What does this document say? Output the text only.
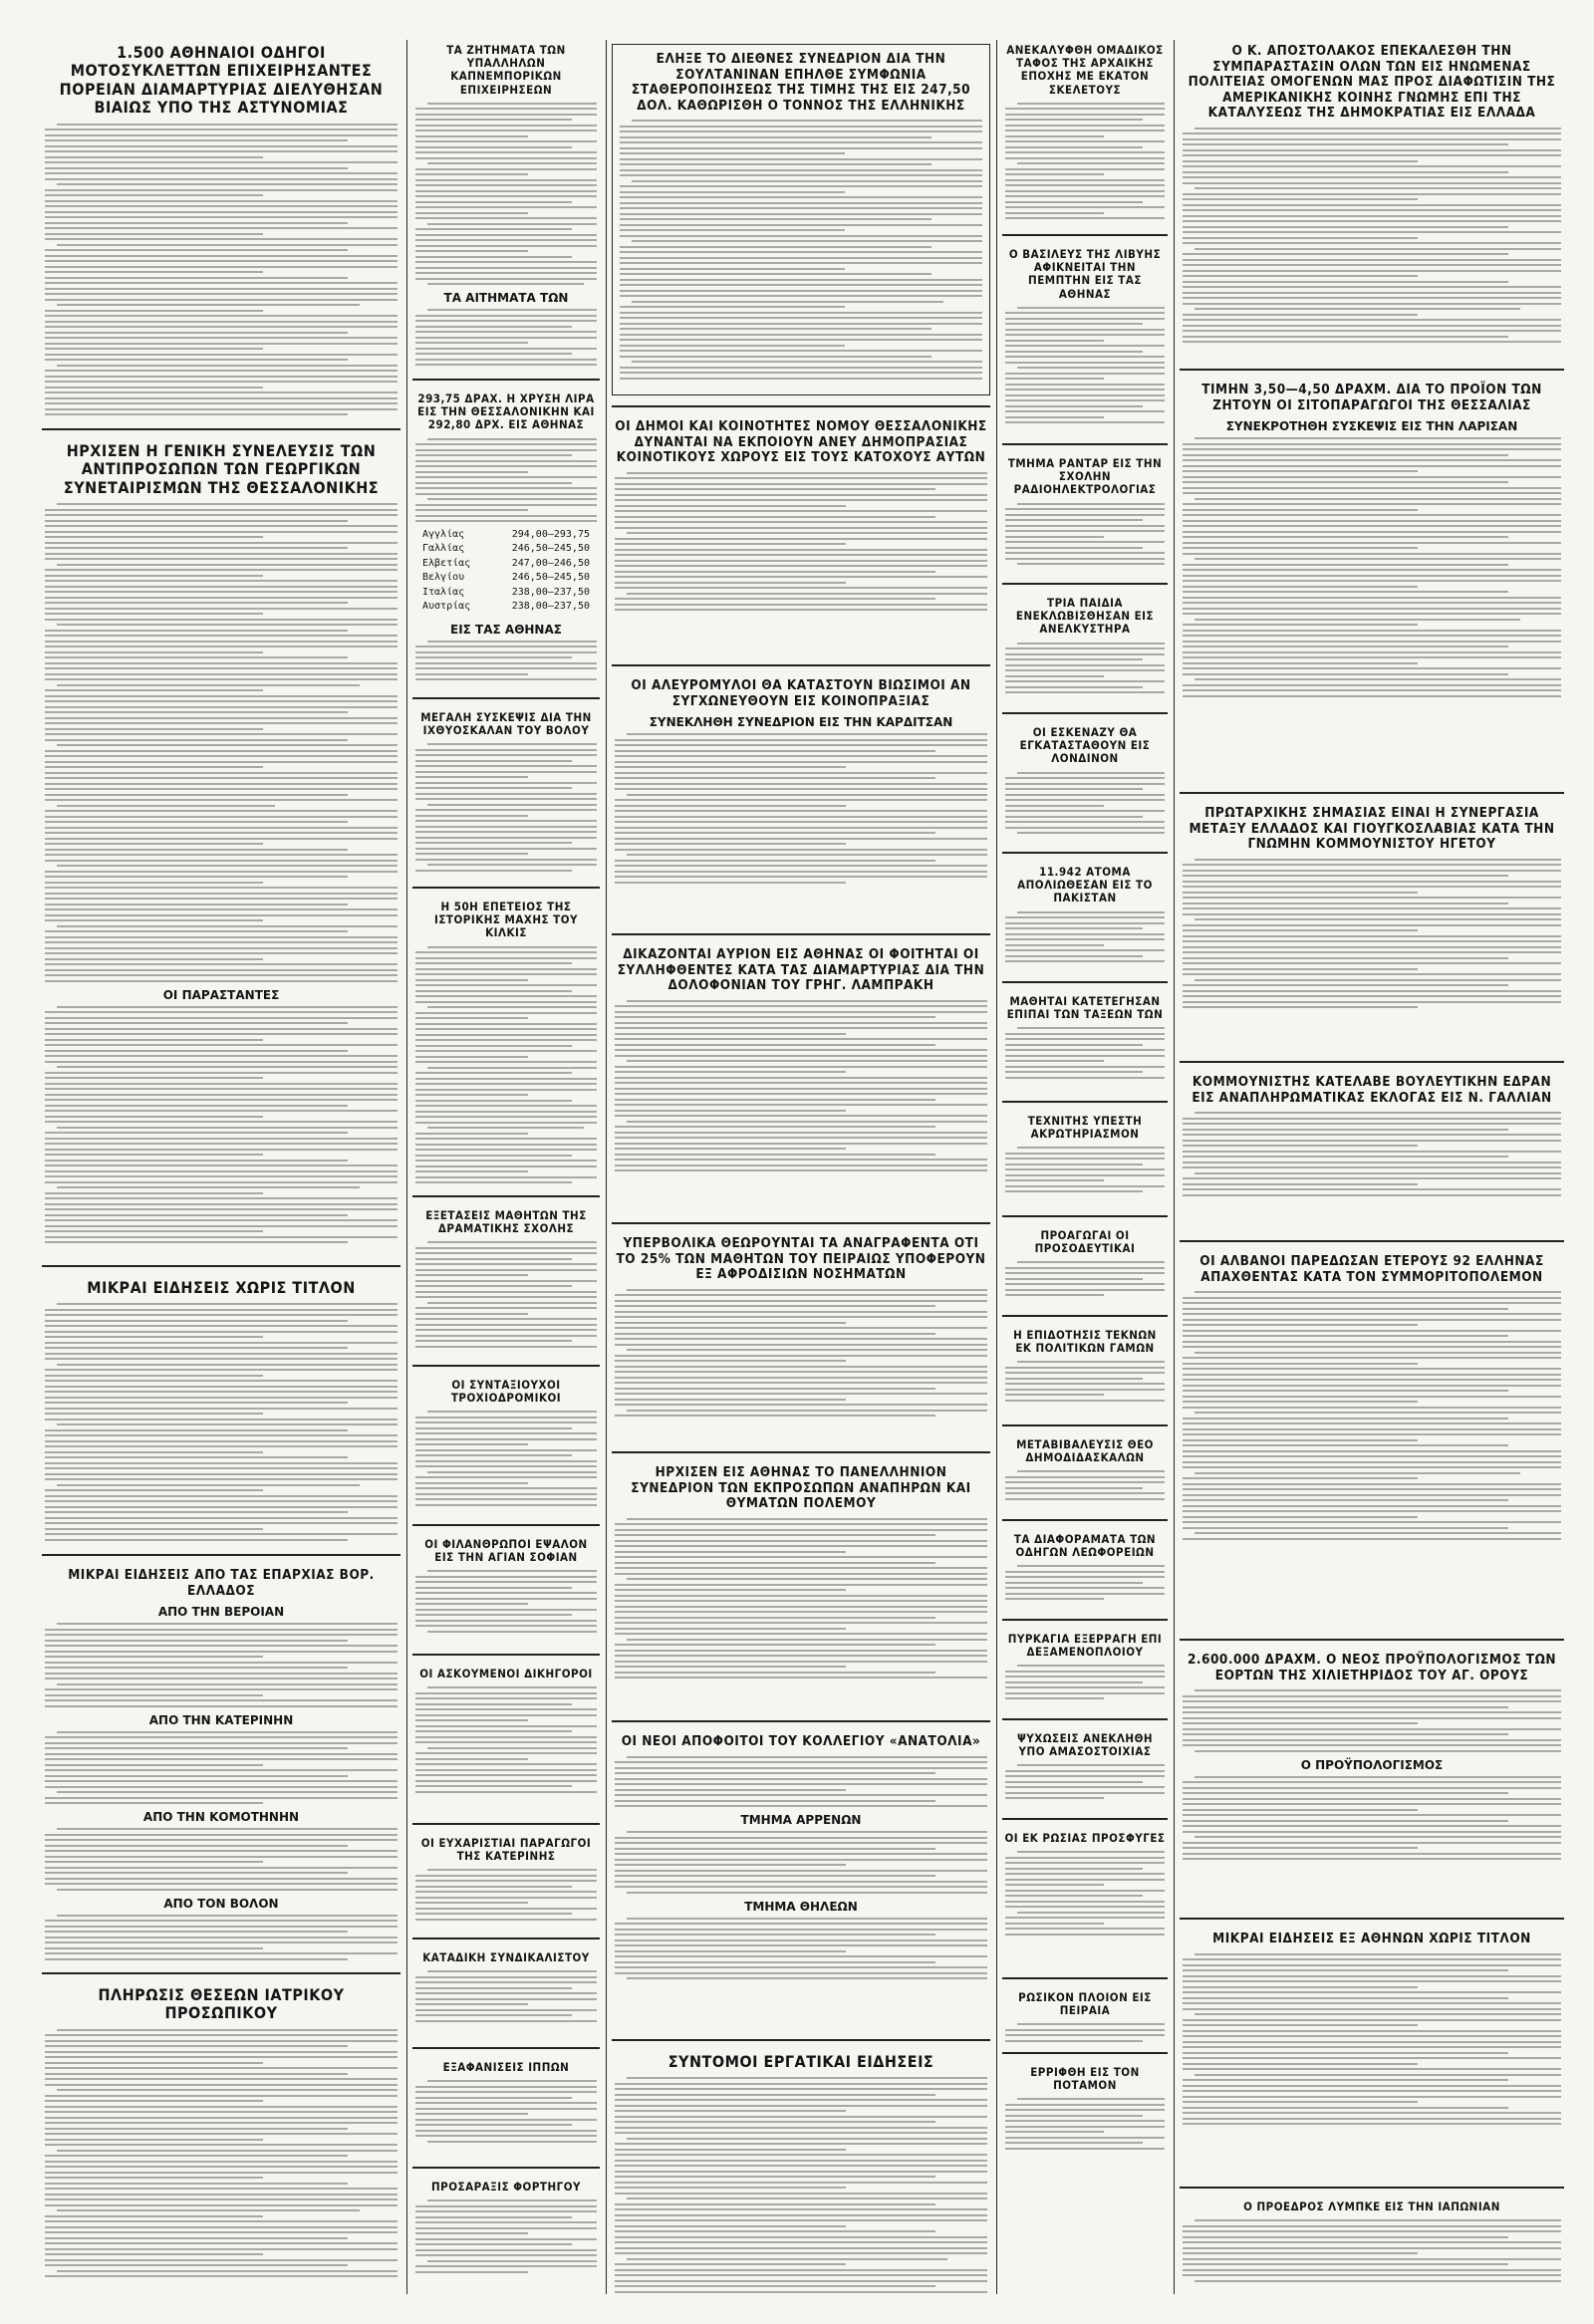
1.500 ΑΘΗΝΑΙΟΙ ΟΔΗΓΟΙ ΜΟΤΟΣΥΚΛΕΤΤΩΝ ΕΠΙΧΕΙΡΗΣΑΝΤΕΣ ΠΟΡΕΙΑΝ ΔΙΑΜΑΡΤΥΡΙΑΣ ΔΙΕΛΥΘΗΣΑΝ ΒΙΑΙΩΣ ΥΠΟ ΤΗΣ ΑΣΤΥΝΟΜΙΑΣ
ΗΡΧΙΣΕΝ Η ΓΕΝΙΚΗ ΣΥΝΕΛΕΥΣΙΣ ΤΩΝ ΑΝΤΙΠΡΟΣΩΠΩΝ ΤΩΝ ΓΕΩΡΓΙΚΩΝ ΣΥΝΕΤΑΙΡΙΣΜΩΝ ΤΗΣ ΘΕΣΣΑΛΟΝΙΚΗΣ
ΟΙ ΠΑΡΑΣΤΑΝΤΕΣ
ΜΙΚΡΑΙ ΕΙΔΗΣΕΙΣ ΧΩΡΙΣ ΤΙΤΛΟΝ
ΜΙΚΡΑΙ ΕΙΔΗΣΕΙΣ ΑΠΟ ΤΑΣ ΕΠΑΡΧΙΑΣ ΒΟΡ. ΕΛΛΑΔΟΣ
ΑΠΟ ΤΗΝ ΒΕΡΟΙΑΝ
ΑΠΟ ΤΗΝ ΚΑΤΕΡΙΝΗΝ
ΑΠΟ ΤΗΝ ΚΟΜΟΤΗΝΗΝ
ΑΠΟ ΤΟΝ ΒΟΛΟΝ
ΠΛΗΡΩΣΙΣ ΘΕΣΕΩΝ ΙΑΤΡΙΚΟΥ ΠΡΟΣΩΠΙΚΟΥ
ΤΑ ΖΗΤΗΜΑΤΑ ΤΩΝ ΥΠΑΛΛΗΛΩΝ ΚΑΠΝΕΜΠΟΡΙΚΩΝ ΕΠΙΧΕΙΡΗΣΕΩΝ
ΤΑ ΑΙΤΗΜΑΤΑ ΤΩΝ
293,75 ΔΡΑΧ. Η ΧΡΥΣΗ ΛΙΡΑ ΕΙΣ ΤΗΝ ΘΕΣΣΑΛΟΝΙΚΗΝ ΚΑΙ 292,80 ΔΡΧ. ΕΙΣ ΑΘΗΝΑΣ
Αγγλίας	294,00—293,75
Γαλλίας	246,50—245,50
Ελβετίας	247,00—246,50
Βελγίου	246,50—245,50
Ιταλίας	238,00—237,50
Αυστρίας	238,00—237,50
ΕΙΣ ΤΑΣ ΑΘΗΝΑΣ
ΜΕΓΑΛΗ ΣΥΣΚΕΨΙΣ ΔΙΑ ΤΗΝ ΙΧΘΥΟΣΚΑΛΑΝ ΤΟΥ ΒΟΛΟΥ
Η 50Η ΕΠΕΤΕΙΟΣ ΤΗΣ ΙΣΤΟΡΙΚΗΣ ΜΑΧΗΣ ΤΟΥ ΚΙΛΚΙΣ
ΕΞΕΤΑΣΕΙΣ ΜΑΘΗΤΩΝ ΤΗΣ ΔΡΑΜΑΤΙΚΗΣ ΣΧΟΛΗΣ
ΟΙ ΣΥΝΤΑΞΙΟΥΧΟΙ ΤΡΟΧΙΟΔΡΟΜΙΚΟΙ
ΟΙ ΦΙΛΑΝΘΡΩΠΟΙ ΕΨΑΛΟΝ ΕΙΣ ΤΗΝ ΑΓΙΑΝ ΣΟΦΙΑΝ
ΟΙ ΑΣΚΟΥΜΕΝΟΙ ΔΙΚΗΓΟΡΟΙ
ΟΙ ΕΥΧΑΡΙΣΤΙΑΙ ΠΑΡΑΓΩΓΟΙ ΤΗΣ ΚΑΤΕΡΙΝΗΣ
ΚΑΤΑΔΙΚΗ ΣΥΝΔΙΚΑΛΙΣΤΟΥ
ΕΞΑΦΑΝΙΣΕΙΣ ΙΠΠΩΝ
ΠΡΟΣΑΡΑΞΙΣ ΦΟΡΤΗΓΟΥ
ΕΛΗΞΕ ΤΟ ΔΙΕΘΝΕΣ ΣΥΝΕΔΡΙΟΝ ΔΙΑ ΤΗΝ ΣΟΥΛΤΑΝΙΝΑΝ ΕΠΗΛΘΕ ΣΥΜΦΩΝΙΑ ΣΤΑΘΕΡΟΠΟΙΗΣΕΩΣ ΤΗΣ ΤΙΜΗΣ ΤΗΣ ΕΙΣ 247,50 ΔΟΛ. ΚΑΘΩΡΙΣΘΗ Ο ΤΟΝΝΟΣ ΤΗΣ ΕΛΛΗΝΙΚΗΣ
ΟΙ ΔΗΜΟΙ ΚΑΙ ΚΟΙΝΟΤΗΤΕΣ ΝΟΜΟΥ ΘΕΣΣΑΛΟΝΙΚΗΣ ΔΥΝΑΝΤΑΙ ΝΑ ΕΚΠΟΙΟΥΝ ΑΝΕΥ ΔΗΜΟΠΡΑΣΙΑΣ ΚΟΙΝΟΤΙΚΟΥΣ ΧΩΡΟΥΣ ΕΙΣ ΤΟΥΣ ΚΑΤΟΧΟΥΣ ΑΥΤΩΝ
ΟΙ ΑΛΕΥΡΟΜΥΛΟΙ ΘΑ ΚΑΤΑΣΤΟΥΝ ΒΙΩΣΙΜΟΙ ΑΝ ΣΥΓΧΩΝΕΥΘΟΥΝ ΕΙΣ ΚΟΙΝΟΠΡΑΞΙΑΣ
ΣΥΝΕΚΛΗΘΗ ΣΥΝΕΔΡΙΟΝ ΕΙΣ ΤΗΝ ΚΑΡΔΙΤΣΑΝ
ΔΙΚΑΖΟΝΤΑΙ ΑΥΡΙΟΝ ΕΙΣ ΑΘΗΝΑΣ ΟΙ ΦΟΙΤΗΤΑΙ ΟΙ ΣΥΛΛΗΦΘΕΝΤΕΣ ΚΑΤΑ ΤΑΣ ΔΙΑΜΑΡΤΥΡΙΑΣ ΔΙΑ ΤΗΝ ΔΟΛΟΦΟΝΙΑΝ ΤΟΥ ΓΡΗΓ. ΛΑΜΠΡΑΚΗ
ΥΠΕΡΒΟΛΙΚΑ ΘΕΩΡΟΥΝΤΑΙ ΤΑ ΑΝΑΓΡΑΦΕΝΤΑ ΟΤΙ ΤΟ 25% ΤΩΝ ΜΑΘΗΤΩΝ ΤΟΥ ΠΕΙΡΑΙΩΣ ΥΠΟΦΕΡΟΥΝ ΕΞ ΑΦΡΟΔΙΣΙΩΝ ΝΟΣΗΜΑΤΩΝ
ΗΡΧΙΣΕΝ ΕΙΣ ΑΘΗΝΑΣ ΤΟ ΠΑΝΕΛΛΗΝΙΟΝ ΣΥΝΕΔΡΙΟΝ ΤΩΝ ΕΚΠΡΟΣΩΠΩΝ ΑΝΑΠΗΡΩΝ ΚΑΙ ΘΥΜΑΤΩΝ ΠΟΛΕΜΟΥ
ΟΙ ΝΕΟΙ ΑΠΟΦΟΙΤΟΙ ΤΟΥ ΚΟΛΛΕΓΙΟΥ «ΑΝΑΤΟΛΙΑ»
ΤΜΗΜΑ ΑΡΡΕΝΩΝ
ΤΜΗΜΑ ΘΗΛΕΩΝ
ΣΥΝΤΟΜΟΙ ΕΡΓΑΤΙΚΑΙ ΕΙΔΗΣΕΙΣ
ΑΝΕΚΑΛΥΦΘΗ ΟΜΑΔΙΚΟΣ ΤΑΦΟΣ ΤΗΣ ΑΡΧΑΙΚΗΣ ΕΠΟΧΗΣ ΜΕ ΕΚΑΤΟΝ ΣΚΕΛΕΤΟΥΣ
Ο ΒΑΣΙΛΕΥΣ ΤΗΣ ΛΙΒΥΗΣ ΑΦΙΚΝΕΙΤΑΙ ΤΗΝ ΠΕΜΠΤΗΝ ΕΙΣ ΤΑΣ ΑΘΗΝΑΣ
ΤΜΗΜΑ ΡΑΝΤΑΡ ΕΙΣ ΤΗΝ ΣΧΟΛΗΝ ΡΑΔΙΟΗΛΕΚΤΡΟΛΟΓΙΑΣ
ΤΡΙΑ ΠΑΙΔΙΑ ΕΝΕΚΛΩΒΙΣΘΗΣΑΝ ΕΙΣ ΑΝΕΛΚΥΣΤΗΡΑ
ΟΙ ΕΣΚΕΝΑΖΥ ΘΑ ΕΓΚΑΤΑΣΤΑΘΟΥΝ ΕΙΣ ΛΟΝΔΙΝΟΝ
11.942 ΑΤΟΜΑ ΑΠΟΛΙΩΘΕΣΑΝ ΕΙΣ ΤΟ ΠΑΚΙΣΤΑΝ
ΜΑΘΗΤΑΙ ΚΑΤΕΤΕΓΗΣΑΝ ΕΠΙΠΑΙ ΤΩΝ ΤΑΞΕΩΝ ΤΩΝ
ΤΕΧΝΙΤΗΣ ΥΠΕΣΤΗ ΑΚΡΩΤΗΡΙΑΣΜΟΝ
ΠΡΟΑΓΩΓΑΙ ΟΙ ΠΡΟΣΟΔΕΥΤΙΚΑΙ
Η ΕΠΙΔΟΤΗΣΙΣ ΤΕΚΝΩΝ ΕΚ ΠΟΛΙΤΙΚΩΝ ΓΑΜΩΝ
ΜΕΤΑΒΙΒΑΛΕΥΣΙΣ ΘΕΟ ΔΗΜΟΔΙΔΑΣΚΑΛΩΝ
ΤΑ ΔΙΑΦΟΡΑΜΑΤΑ ΤΩΝ ΟΔΗΓΩΝ ΛΕΩΦΟΡΕΙΩΝ
ΠΥΡΚΑΓΙΑ ΕΞΕΡΡΑΓΗ ΕΠΙ ΔΕΞΑΜΕΝΟΠΛΟΙΟΥ
ΨΥΧΩΣΕΙΣ ΑΝΕΚΛΗΘΗ ΥΠΟ ΑΜΑΣΟΣΤΟΙΧΙΑΣ
ΟΙ ΕΚ ΡΩΣΙΑΣ ΠΡΟΣΦΥΓΕΣ
ΡΩΣΙΚΟΝ ΠΛΟΙΟΝ ΕΙΣ ΠΕΙΡΑΙΑ
ΕΡΡΙΦΘΗ ΕΙΣ ΤΟΝ ΠΟΤΑΜΟΝ
Ο Κ. ΑΠΟΣΤΟΛΑΚΟΣ ΕΠΕΚΑΛΕΣΘΗ ΤΗΝ ΣΥΜΠΑΡΑΣΤΑΣΙΝ ΟΛΩΝ ΤΩΝ ΕΙΣ ΗΝΩΜΕΝΑΣ ΠΟΛΙΤΕΙΑΣ ΟΜΟΓΕΝΩΝ ΜΑΣ ΠΡΟΣ ΔΙΑΦΩΤΙΣΙΝ ΤΗΣ ΑΜΕΡΙΚΑΝΙΚΗΣ ΚΟΙΝΗΣ ΓΝΩΜΗΣ ΕΠΙ ΤΗΣ ΚΑΤΑΛΥΣΕΩΣ ΤΗΣ ΔΗΜΟΚΡΑΤΙΑΣ ΕΙΣ ΕΛΛΑΔΑ
ΤΙΜΗΝ 3,50—4,50 ΔΡΑΧΜ. ΔΙΑ ΤΟ ΠΡΟΪΟΝ ΤΩΝ ΖΗΤΟΥΝ ΟΙ ΣΙΤΟΠΑΡΑΓΩΓΟΙ ΤΗΣ ΘΕΣΣΑΛΙΑΣ
ΣΥΝΕΚΡΟΤΗΘΗ ΣΥΣΚΕΨΙΣ ΕΙΣ ΤΗΝ ΛΑΡΙΣΑΝ
ΠΡΩΤΑΡΧΙΚΗΣ ΣΗΜΑΣΙΑΣ ΕΙΝΑΙ Η ΣΥΝΕΡΓΑΣΙΑ ΜΕΤΑΞΥ ΕΛΛΑΔΟΣ ΚΑΙ ΓΙΟΥΓΚΟΣΛΑΒΙΑΣ ΚΑΤΑ ΤΗΝ ΓΝΩΜΗΝ ΚΟΜΜΟΥΝΙΣΤΟΥ ΗΓΕΤΟΥ
ΚΟΜΜΟΥΝΙΣΤΗΣ ΚΑΤΕΛΑΒΕ ΒΟΥΛΕΥΤΙΚΗΝ ΕΔΡΑΝ ΕΙΣ ΑΝΑΠΛΗΡΩΜΑΤΙΚΑΣ ΕΚΛΟΓΑΣ ΕΙΣ Ν. ΓΑΛΛΙΑΝ
ΟΙ ΑΛΒΑΝΟΙ ΠΑΡΕΔΩΣΑΝ ΕΤΕΡΟΥΣ 92 ΕΛΛΗΝΑΣ ΑΠΑΧΘΕΝΤΑΣ ΚΑΤΑ ΤΟΝ ΣΥΜΜΟΡΙΤΟΠΟΛΕΜΟΝ
2.600.000 ΔΡΑΧΜ. Ο ΝΕΟΣ ΠΡΟΫΠΟΛΟΓΙΣΜΟΣ ΤΩΝ ΕΟΡΤΩΝ ΤΗΣ ΧΙΛΙΕΤΗΡΙΔΟΣ ΤΟΥ ΑΓ. ΟΡΟΥΣ
Ο ΠΡΟΫΠΟΛΟΓΙΣΜΟΣ
ΜΙΚΡΑΙ ΕΙΔΗΣΕΙΣ ΕΞ ΑΘΗΝΩΝ ΧΩΡΙΣ ΤΙΤΛΟΝ
Ο ΠΡΟΕΔΡΟΣ ΛΥΜΠΚΕ ΕΙΣ ΤΗΝ ΙΑΠΩΝΙΑΝ
